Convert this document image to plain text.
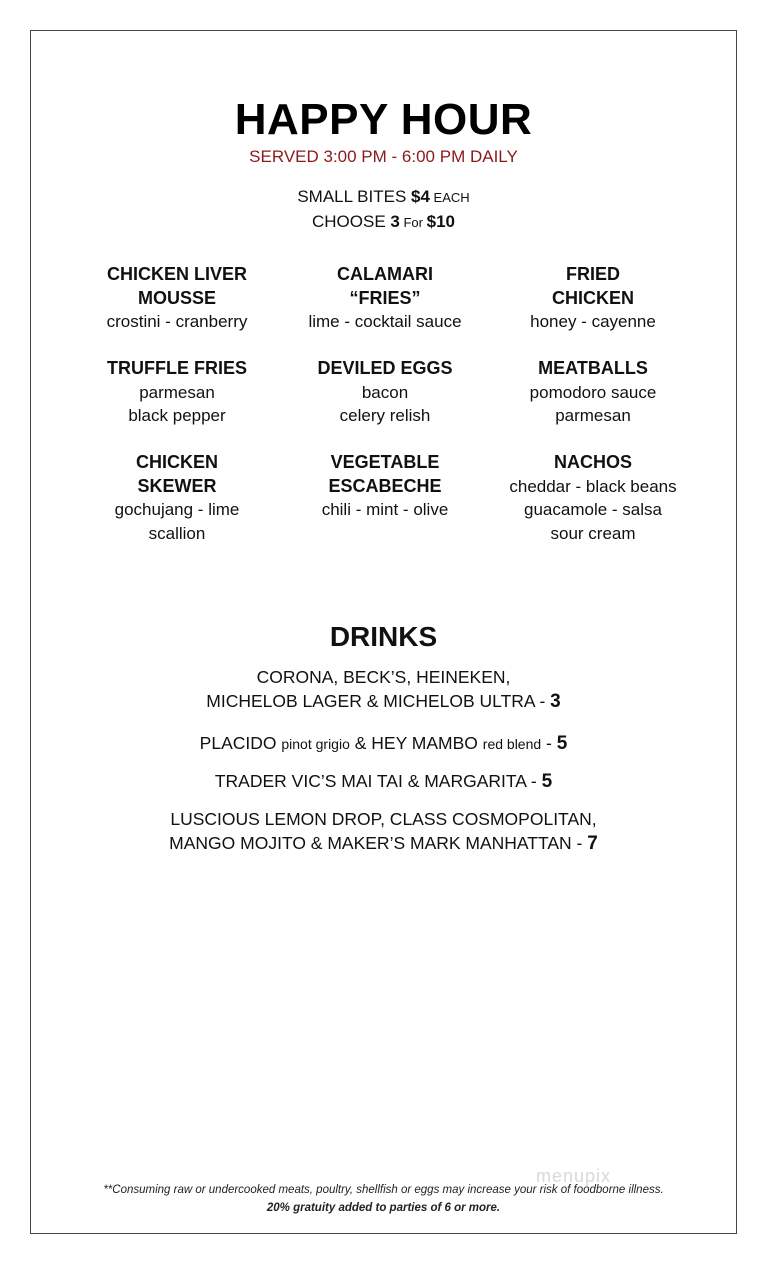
HAPPY HOUR
SERVED 3:00 PM - 6:00 PM DAILY
SMALL BITES $4 EACH
CHOOSE 3 For $10
CHICKEN LIVER
MOUSSE
crostini - cranberry
CALAMARI
“FRIES”
lime - cocktail sauce
FRIED
CHICKEN
honey - cayenne
TRUFFLE FRIES
parmesan
black pepper
DEVILED EGGS
bacon
celery relish
MEATBALLS
pomodoro sauce
parmesan
CHICKEN
SKEWER
gochujang - lime
scallion
VEGETABLE
ESCABECHE
chili - mint - olive
NACHOS
cheddar - black beans
guacamole - salsa
sour cream
DRINKS
CORONA, BECK’S, HEINEKEN,
MICHELOB LAGER & MICHELOB ULTRA - 3
PLACIDO pinot grigio & HEY MAMBO red blend - 5
TRADER VIC’S MAI TAI & MARGARITA - 5
LUSCIOUS LEMON DROP, CLASS COSMOPOLITAN,
MANGO MOJITO & MAKER’S MARK MANHATTAN - 7
menupix
**Consuming raw or undercooked meats, poultry, shellfish or eggs may increase your risk of foodborne illness.
20% gratuity added to parties of 6 or more.
